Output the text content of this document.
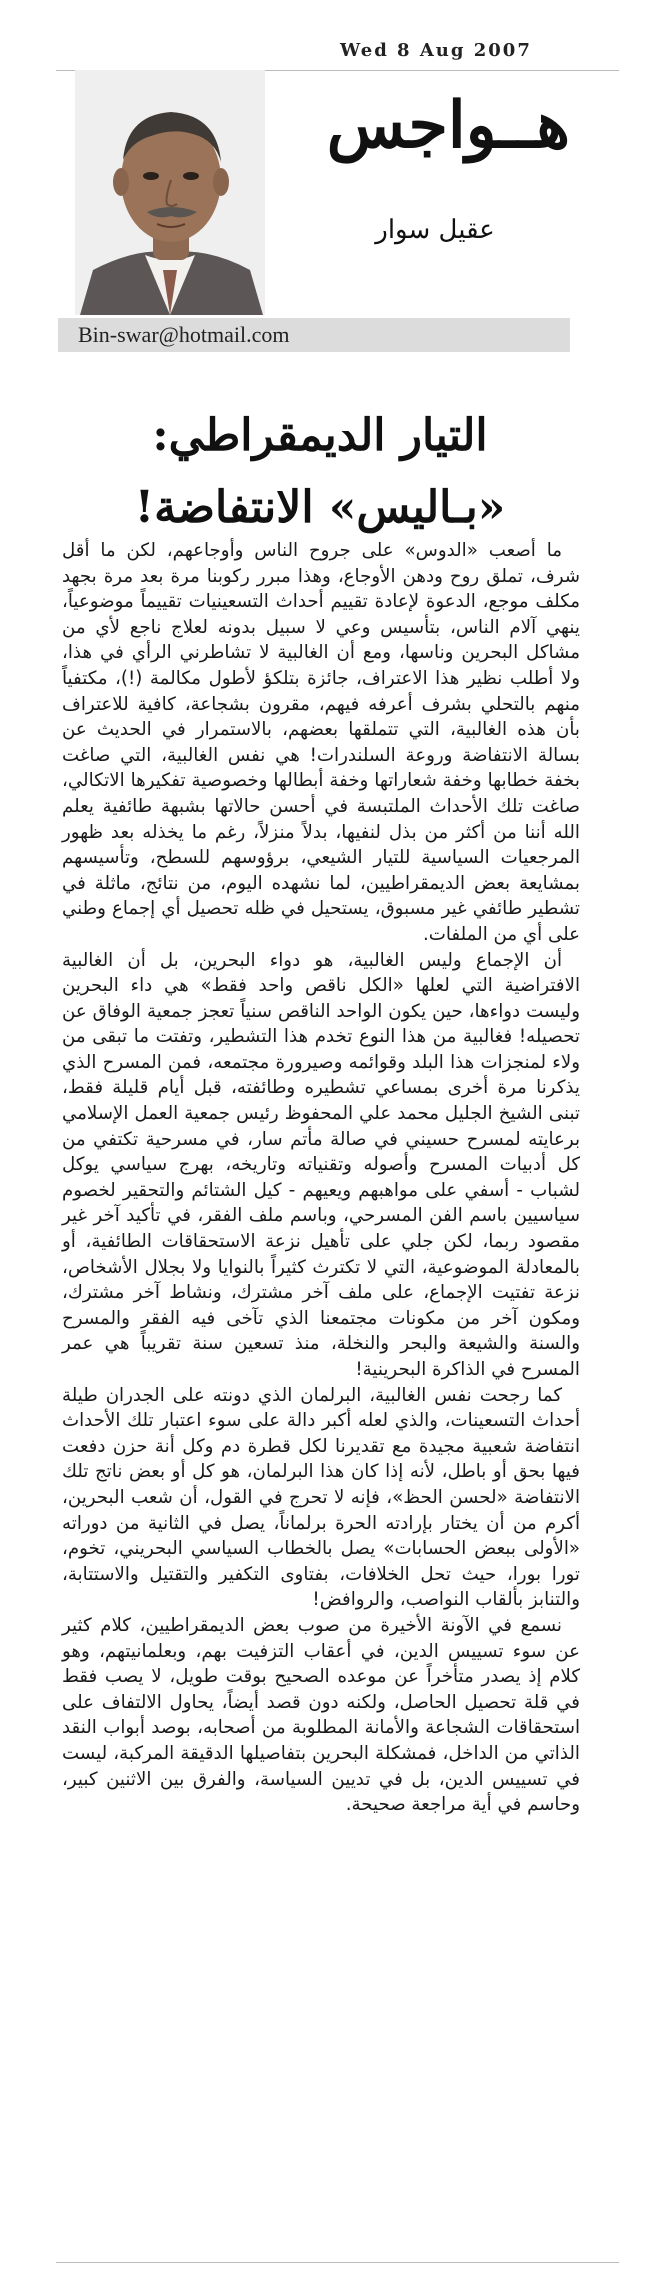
Wed 8 Aug 2007
هــواجس
عقيل سوار
Bin-swar@hotmail.com
التيار الديمقراطي:
«بـاليس» الانتفاضة!

ما أصعب «الدوس» على جروح الناس وأوجاعهم، لكن ما أقل شرف، تملق روح ودهن الأوجاع، وهذا مبرر ركوبنا مرة بعد مرة بجهد مكلف موجع، الدعوة لإعادة تقييم أحداث التسعينيات تقييماً موضوعياً، ينهي آلام الناس، بتأسيس وعي لا سبيل بدونه لعلاج ناجع لأي من مشاكل البحرين وناسها، ومع أن الغالبية لا تشاطرني الرأي في هذا، ولا أطلب نظير هذا الاعتراف، جائزة بتلكؤ لأطول مكالمة (!)، مكتفياً منهم بالتحلي بشرف أعرفه فيهم، مقرون بشجاعة، كافية للاعتراف بأن هذه الغالبية، التي تتملقها بعضهم، بالاستمرار في الحديث عن بسالة الانتفاضة وروعة السلندرات! هي نفس الغالبية، التي صاغت بخفة خطابها وخفة شعاراتها وخفة أبطالها وخصوصية تفكيرها الاتكالي، صاغت تلك الأحداث الملتبسة في أحسن حالاتها بشبهة طائفية يعلم الله أننا من أكثر من بذل لنفيها، بدلاً منزلاً، رغم ما يخذله بعد ظهور المرجعيات السياسية للتيار الشيعي، برؤوسهم للسطح، وتأسيسهم بمشايعة بعض الديمقراطيين، لما نشهده اليوم، من نتائج، ماثلة في تشطير طائفي غير مسبوق، يستحيل في ظله تحصيل أي إجماع وطني على أي من الملفات.

أن الإجماع وليس الغالبية، هو دواء البحرين، بل أن الغالبية الافتراضية التي لعلها «الكل ناقص واحد فقط» هي داء البحرين وليست دواءها، حين يكون الواحد الناقص سنياً تعجز جمعية الوفاق عن تحصيله! فغالبية من هذا النوع تخدم هذا التشطير، وتفتت ما تبقى من ولاء لمنجزات هذا البلد وقوائمه وصيرورة مجتمعه، فمن المسرح الذي يذكرنا مرة أخرى بمساعي تشطيره وطائفته، قبل أيام قليلة فقط، تبنى الشيخ الجليل محمد علي المحفوظ رئيس جمعية العمل الإسلامي برعايته لمسرح حسيني في صالة مأتم سار، في مسرحية تكتفي من كل أدبيات المسرح وأصوله وتقنياته وتاريخه، بهرج سياسي يوكل لشباب - أسفي على مواهبهم ويعيهم - كيل الشتائم والتحقير لخصوم سياسيين باسم الفن المسرحي، وباسم ملف الفقر، في تأكيد آخر غير مقصود ربما، لكن جلي على تأهيل نزعة الاستحقاقات الطائفية، أو بالمعادلة الموضوعية، التي لا تكترث كثيراً بالنوايا ولا بجلال الأشخاص، نزعة تفتيت الإجماع، على ملف آخر مشترك، ونشاط آخر مشترك، ومكون آخر من مكونات مجتمعنا الذي تآخى فيه الفقر والمسرح والسنة والشيعة والبحر والنخلة، منذ تسعين سنة تقريباً هي عمر المسرح في الذاكرة البحرينية!

كما رجحت نفس الغالبية، البرلمان الذي دونته على الجدران طيلة أحداث التسعينات، والذي لعله أكبر دالة على سوء اعتبار تلك الأحداث انتفاضة شعبية مجيدة مع تقديرنا لكل قطرة دم وكل أنة حزن دفعت فيها بحق أو باطل، لأنه إذا كان هذا البرلمان، هو كل أو بعض ناتج تلك الانتفاضة «لحسن الحظ»، فإنه لا تحرج في القول، أن شعب البحرين، أكرم من أن يختار بإرادته الحرة برلماناً، يصل في الثانية من دوراته «الأولى ببعض الحسابات» يصل بالخطاب السياسي البحريني، تخوم، تورا بورا، حيث تحل الخلافات، بفتاوى التكفير والتقتيل والاستتابة، والتنابز بألقاب النواصب، والروافض!

نسمع في الآونة الأخيرة من صوب بعض الديمقراطيين، كلام كثير عن سوء تسييس الدين، في أعقاب التزفيت بهم، وبعلمانيتهم، وهو كلام إذ يصدر متأخراً عن موعده الصحيح بوقت طويل، لا يصب فقط في قلة تحصيل الحاصل، ولكنه دون قصد أيضاً، يحاول الالتفاف على استحقاقات الشجاعة والأمانة المطلوبة من أصحابه، بوصد أبواب النقد الذاتي من الداخل، فمشكلة البحرين بتفاصيلها الدقيقة المركبة، ليست في تسييس الدين، بل في تديين السياسة، والفرق بين الاثنين كبير، وحاسم في أية مراجعة صحيحة.
